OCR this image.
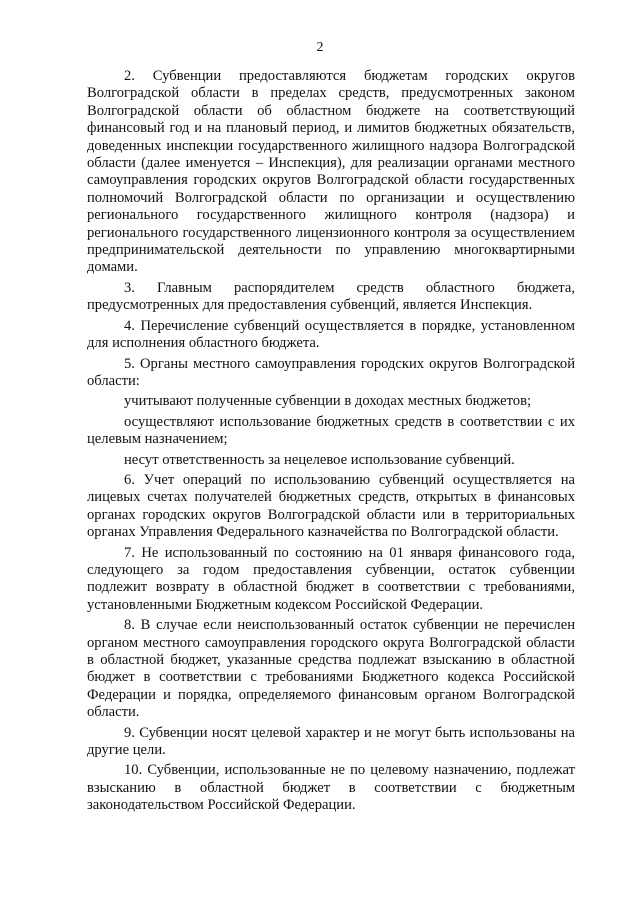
2

2. Субвенции предоставляются бюджетам городских округов Волгоградской области в пределах средств, предусмотренных законом Волгоградской области об областном бюджете на соответствующий финансовый год и на плановый период, и лимитов бюджетных обязательств, доведенных инспекции государственного жилищного надзора Волгоградской области (далее именуется – Инспекция), для реализации органами местного самоуправления городских округов Волгоградской области государственных полномочий Волгоградской области по организации и осуществлению регионального государственного жилищного контроля (надзора) и регионального государственного лицензионного контроля за осуществлением предпринимательской деятельности по управлению многоквартирными домами.

3. Главным распорядителем средств областного бюджета, предусмотренных для предоставления субвенций, является Инспекция.

4. Перечисление субвенций осуществляется в порядке, установленном для исполнения областного бюджета.

5. Органы местного самоуправления городских округов Волгоградской области:

учитывают полученные субвенции в доходах местных бюджетов;

осуществляют использование бюджетных средств в соответствии с их целевым назначением;

несут ответственность за нецелевое использование субвенций.

6. Учет операций по использованию субвенций осуществляется на лицевых счетах получателей бюджетных средств, открытых в финансовых органах городских округов Волгоградской области или в территориальных органах Управления Федерального казначейства по Волгоградской области.

7. Не использованный по состоянию на 01 января финансового года, следующего за годом предоставления субвенции, остаток субвенции подлежит возврату в областной бюджет в соответствии с требованиями, установленными Бюджетным кодексом Российской Федерации.

8. В случае если неиспользованный остаток субвенции не перечислен органом местного самоуправления городского округа Волгоградской области в областной бюджет, указанные средства подлежат взысканию в областной бюджет в соответствии с требованиями Бюджетного кодекса Российской Федерации и порядка, определяемого финансовым органом Волгоградской области.

9. Субвенции носят целевой характер и не могут быть использованы на другие цели.

10. Субвенции, использованные не по целевому назначению, подлежат взысканию в областной бюджет в соответствии с бюджетным законодательством Российской Федерации.
